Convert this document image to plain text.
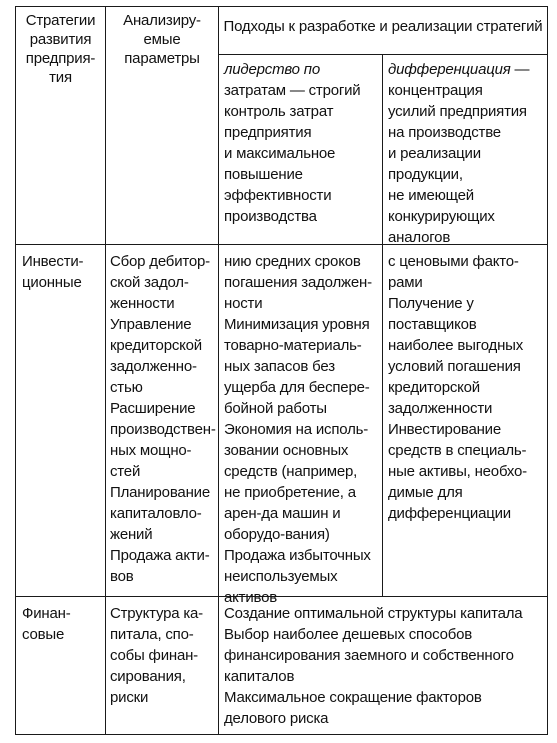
Стратегии
развития
предприя-
тия
Анализиру-
емые
параметры
Подходы к разработке и реализации стратегий
лидерство по
затратам — строгий
контроль затрат
предприятия
и максимальное
повышение
эффективности
производства
дифференциация —
концентрация
усилий предприятия
на производстве
и реализации
продукции,
не имеющей
конкурирующих
аналогов
Инвести-
ционные
Сбор дебитор-
ской задол-
женности
Управление
кредиторской
задолженно-
стью
Расширение
производствен-
ных мощно-
стей
Планирование
капиталовло-
жений
Продажа акти-
вов
нию средних сроков
погашения задолжен-
ности
Минимизация уровня
товарно-материаль-
ных запасов без
ущерба для беспере-
бойной работы
Экономия на исполь-
зовании основных
средств (например,
не приобретение, а
арен-да машин и
оборудо-вания)
Продажа избыточных
неиспользуемых
активов
с ценовыми факто-
рами
Получение у
поставщиков
наиболее выгодных
условий погашения
кредиторской
задолженности
Инвестирование
средств в специаль-
ные активы, необхо-
димые для
дифференциации
Финан-
совые
Структура ка-
питала, спо-
собы финан-
сирования,
риски
Создание оптимальной структуры капитала
Выбор наиболее дешевых способов
финансирования заемного и собственного
капиталов
Максимальное сокращение факторов
делового риска
